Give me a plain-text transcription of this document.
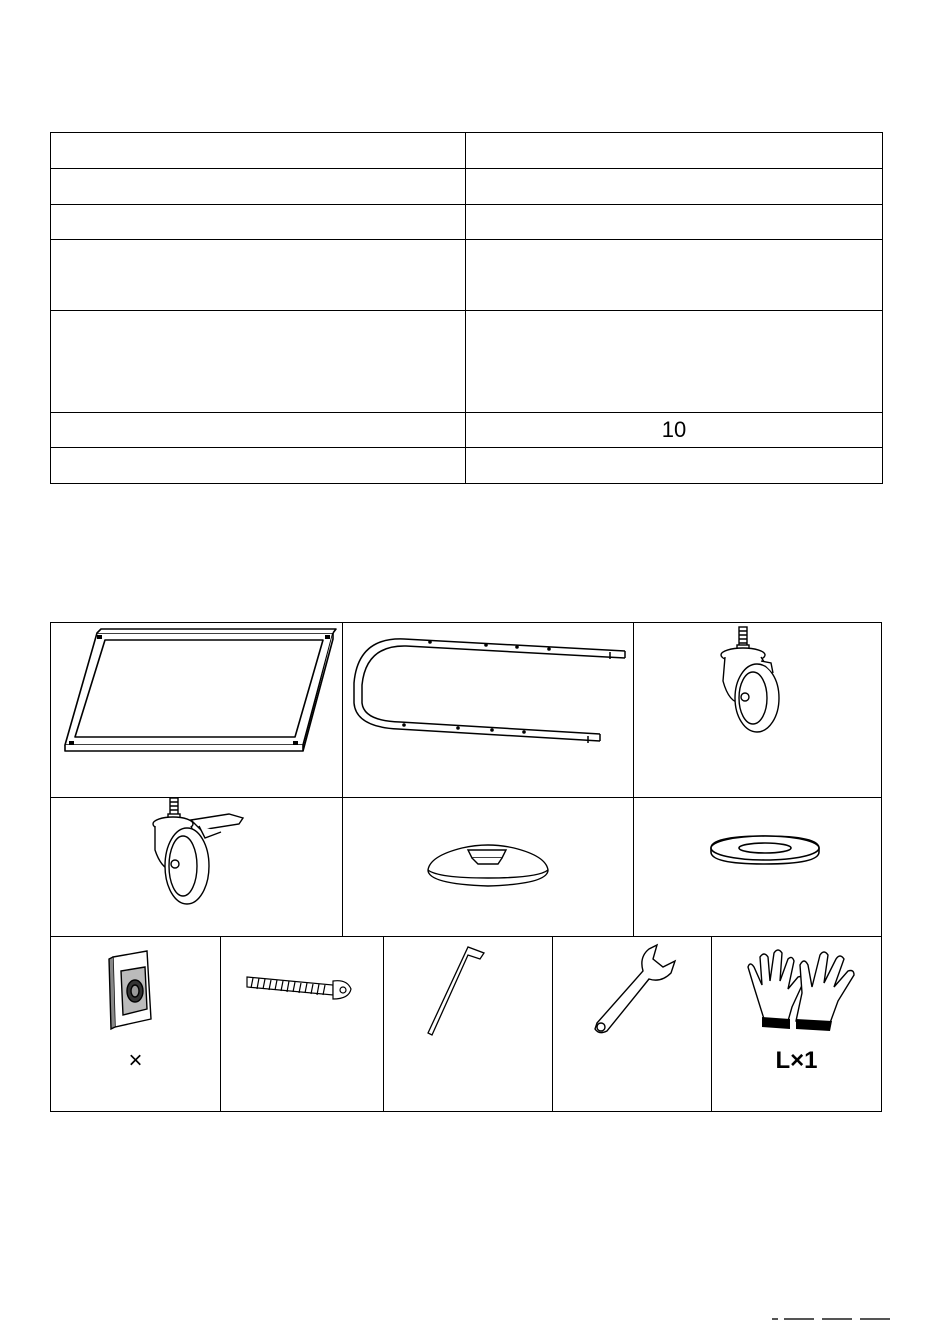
	10

×	L×1
